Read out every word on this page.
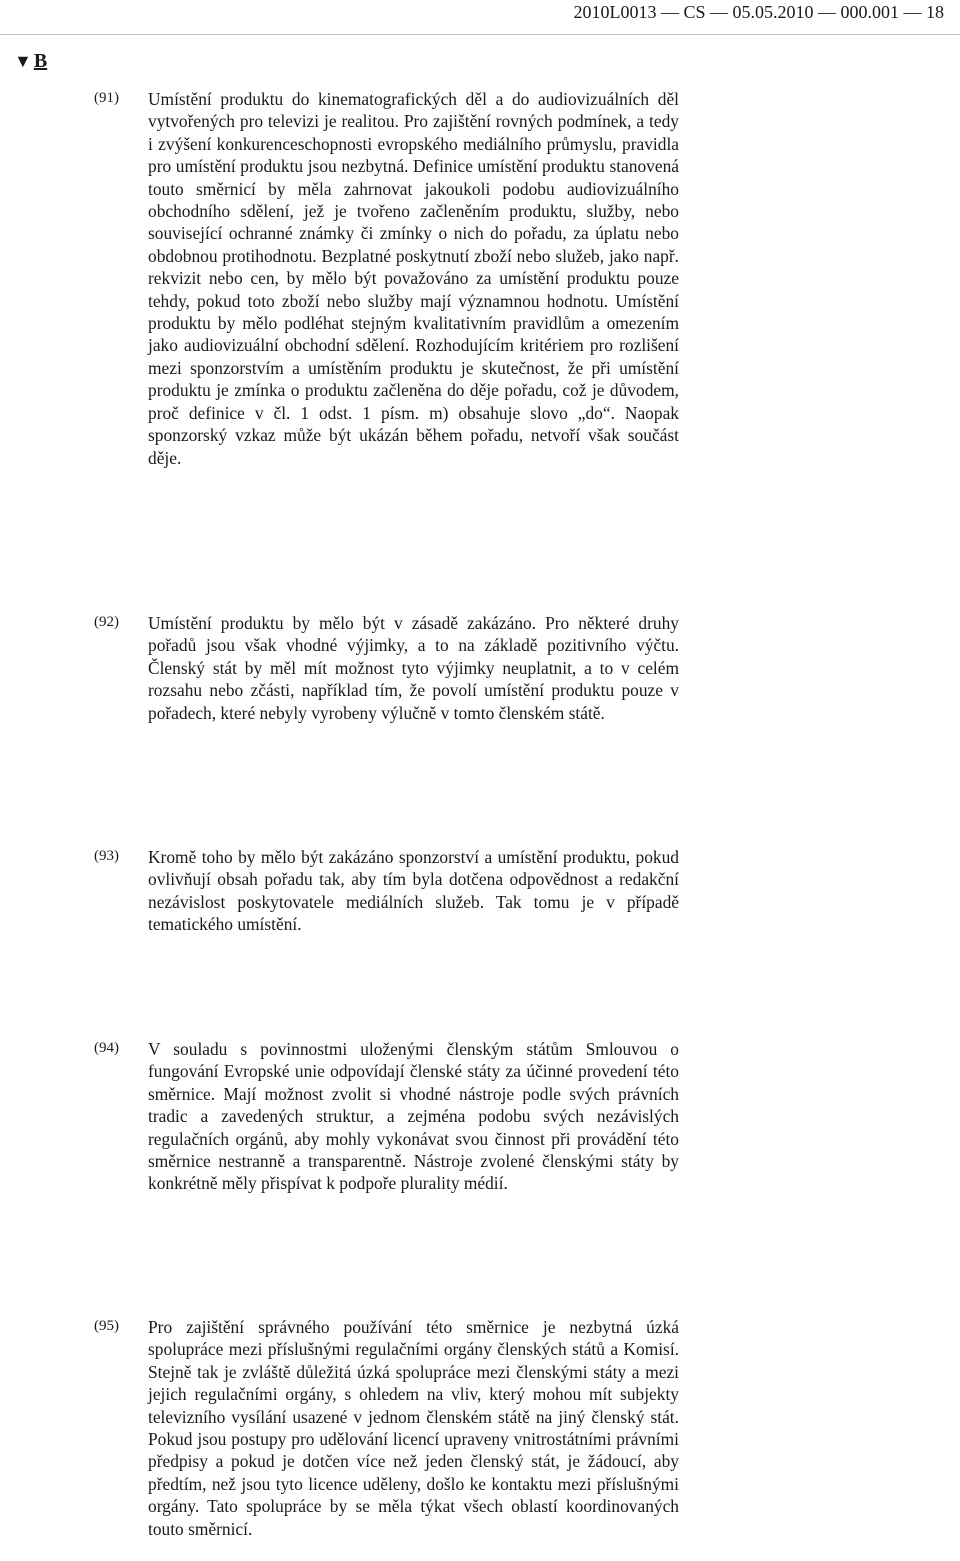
2010L0013 — CS — 05.05.2010 — 000.001 — 18
▼ B
(91) Umístění produktu do kinematografických děl a do audiovizuálních děl vytvořených pro televizi je realitou. Pro zajištění rovných podmínek, a tedy i zvýšení konkurenceschopnosti evropského mediálního průmyslu, pravidla pro umístění produktu jsou nezbytná. Definice umístění produktu stanovená touto směrnicí by měla zahrnovat jakoukoli podobu audiovizuálního obchodního sdělení, jež je tvořeno začleněním produktu, služby, nebo související ochranné známky či zmínky o nich do pořadu, za úplatu nebo obdobnou protihodnotu. Bezplatné poskytnutí zboží nebo služeb, jako např. rekvizit nebo cen, by mělo být považováno za umístění produktu pouze tehdy, pokud toto zboží nebo služby mají významnou hodnotu. Umístění produktu by mělo podléhat stejným kvalitativním pravidlům a omezením jako audiovizuální obchodní sdělení. Rozhodujícím kritériem pro rozlišení mezi sponzorstvím a umístěním produktu je skutečnost, že při umístění produktu je zmínka o produktu začleněna do děje pořadu, což je důvodem, proč definice v čl. 1 odst. 1 písm. m) obsahuje slovo „do“. Naopak sponzorský vzkaz může být ukázán během pořadu, netvoří však součást děje.

(92) Umístění produktu by mělo být v zásadě zakázáno. Pro některé druhy pořadů jsou však vhodné výjimky, a to na základě pozitivního výčtu. Členský stát by měl mít možnost tyto výjimky neuplatnit, a to v celém rozsahu nebo zčásti, například tím, že povolí umístění produktu pouze v pořadech, které nebyly vyrobeny výlučně v tomto členském státě.

(93) Kromě toho by mělo být zakázáno sponzorství a umístění produktu, pokud ovlivňují obsah pořadu tak, aby tím byla dotčena odpovědnost a redakční nezávislost poskytovatele mediálních služeb. Tak tomu je v případě tematického umístění.

(94) V souladu s povinnostmi uloženými členským státům Smlouvou o fungování Evropské unie odpovídají členské státy za účinné provedení této směrnice. Mají možnost zvolit si vhodné nástroje podle svých právních tradic a zavedených struktur, a zejména podobu svých nezávislých regulačních orgánů, aby mohly vykonávat svou činnost při provádění této směrnice nestranně a transparentně. Nástroje zvolené členskými státy by konkrétně měly přispívat k podpoře plurality médií.

(95) Pro zajištění správného používání této směrnice je nezbytná úzká spolupráce mezi příslušnými regulačními orgány členských států a Komisí. Stejně tak je zvláště důležitá úzká spolupráce mezi členskými státy a mezi jejich regulačními orgány, s ohledem na vliv, který mohou mít subjekty televizního vysílání usazené v jednom členském státě na jiný členský stát. Pokud jsou postupy pro udělování licencí upraveny vnitrostátními právními předpisy a pokud je dotčen více než jeden členský stát, je žádoucí, aby předtím, než jsou tyto licence uděleny, došlo ke kontaktu mezi příslušnými orgány. Tato spolupráce by se měla týkat všech oblastí koordinovaných touto směrnicí.
